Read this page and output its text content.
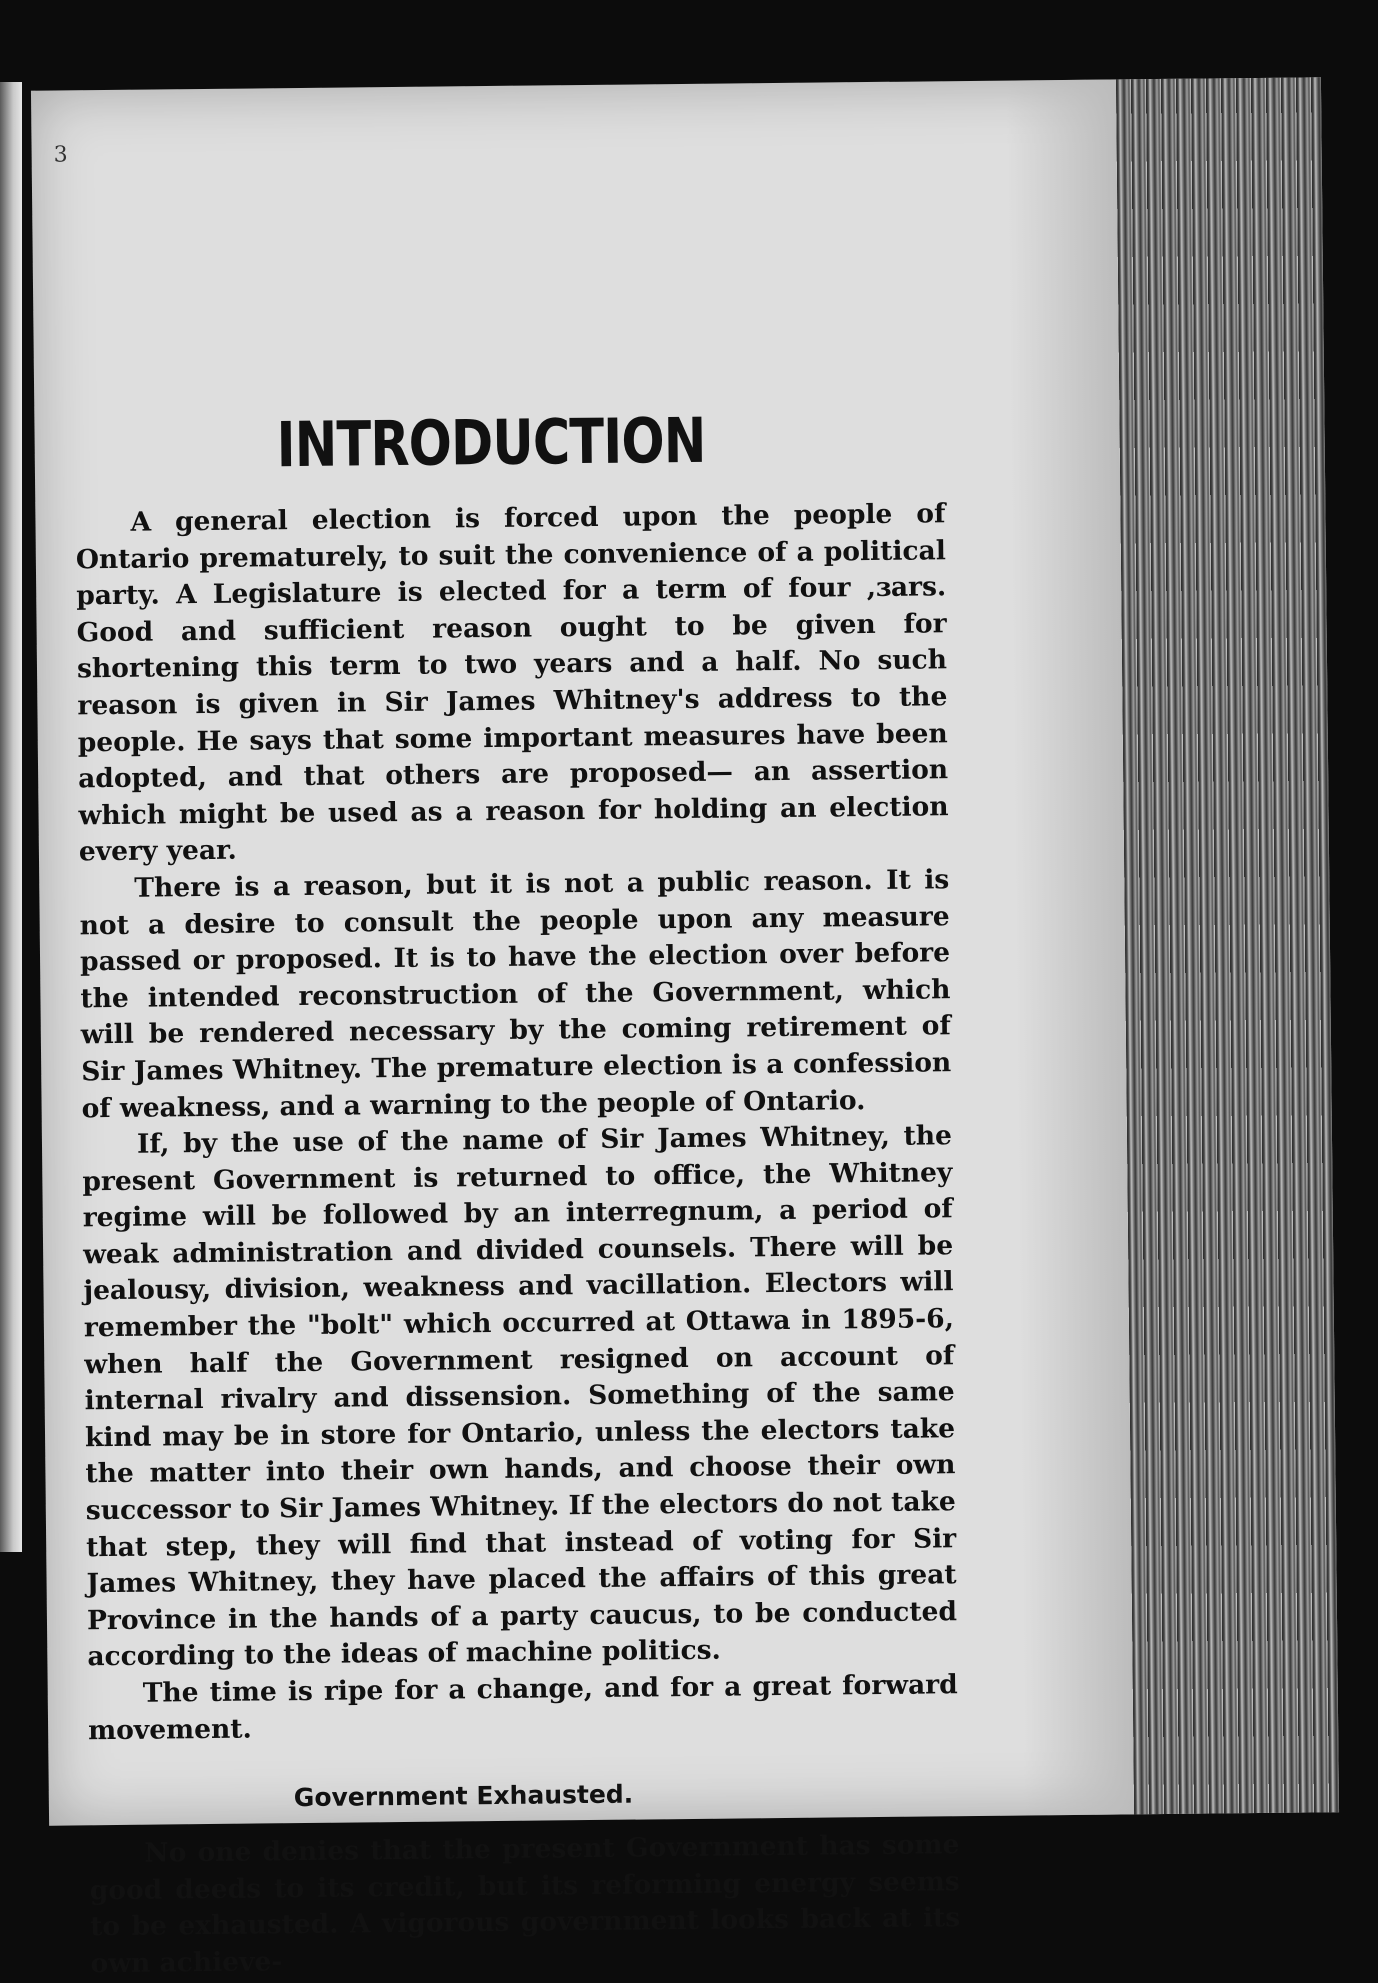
3
INTRODUCTION

A general election is forced upon the people of Ontario prematurely, to suit the convenience of a political party. A Legislature is elected for a term of four ,ɜars. Good and sufficient reason ought to be given for shortening this term to two years and a half. No such reason is given in Sir James Whitney's address to the people. He says that some important measures have been adopted, and that others are proposed— an assertion which might be used as a reason for holding an election every year.

There is a reason, but it is not a public reason. It is not a desire to consult the people upon any measure passed or proposed. It is to have the election over before the intended reconstruction of the Government, which will be rendered necessary by the coming retirement of Sir James Whitney. The premature election is a confession of weakness, and a warning to the people of Ontario.

If, by the use of the name of Sir James Whitney, the present Government is returned to office, the Whitney regime will be followed by an interregnum, a period of weak administration and divided counsels. There will be jealousy, division, weakness and vacillation. Electors will remember the "bolt" which occurred at Ottawa in 1895-6, when half the Government resigned on account of internal rivalry and dissension. Something of the same kind may be in store for Ontario, unless the electors take the matter into their own hands, and choose their own successor to Sir James Whitney. If the electors do not take that step, they will find that instead of voting for Sir James Whitney, they have placed the affairs of this great Province in the hands of a party caucus, to be conducted according to the ideas of machine politics.

The time is ripe for a change, and for a great forward movement.

Government Exhausted.

No one denies that the present Government has some good deeds to its credit, but its reforming energy seems to be exhausted. A vigorous government looks back at its own achieve-
